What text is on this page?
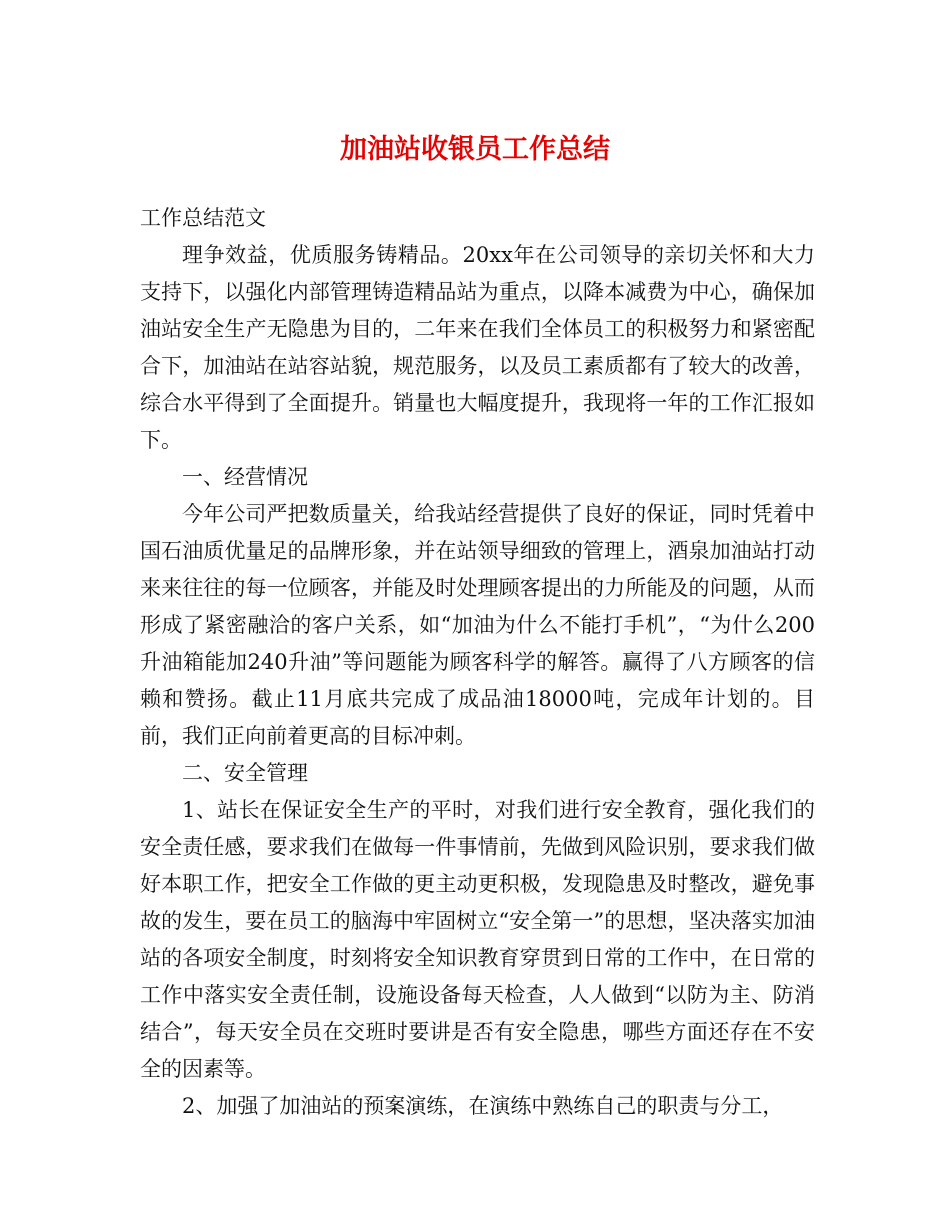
加油站收银员工作总结

工作总结范文

理争效益，优质服务铸精品。20xx年在公司领导的亲切关怀和大力支持下，以强化内部管理铸造精品站为重点，以降本减费为中心，确保加油站安全生产无隐患为目的，二年来在我们全体员工的积极努力和紧密配合下，加油站在站容站貌，规范服务，以及员工素质都有了较大的改善，综合水平得到了全面提升。销量也大幅度提升，我现将一年的工作汇报如下。

一、经营情况

今年公司严把数质量关，给我站经营提供了良好的保证，同时凭着中国石油质优量足的品牌形象，并在站领导细致的管理上，酒泉加油站打动来来往往的每一位顾客，并能及时处理顾客提出的力所能及的问题，从而形成了紧密融洽的客户关系，如“加油为什么不能打手机”，“为什么200升油箱能加240升油”等问题能为顾客科学的解答。赢得了八方顾客的信赖和赞扬。截止11月底共完成了成品油18000吨，完成年计划的。目前，我们正向前着更高的目标冲刺。

二、安全管理

1、站长在保证安全生产的平时，对我们进行安全教育，强化我们的安全责任感，要求我们在做每一件事情前，先做到风险识别，要求我们做好本职工作，把安全工作做的更主动更积极，发现隐患及时整改，避免事故的发生，要在员工的脑海中牢固树立“安全第一”的思想，坚决落实加油站的各项安全制度，时刻将安全知识教育穿贯到日常的工作中，在日常的工作中落实安全责任制，设施设备每天检查，人人做到“以防为主、防消结合”，每天安全员在交班时要讲是否有安全隐患，哪些方面还存在不安全的因素等。

2、加强了加油站的预案演练，在演练中熟练自己的职责与分工，
